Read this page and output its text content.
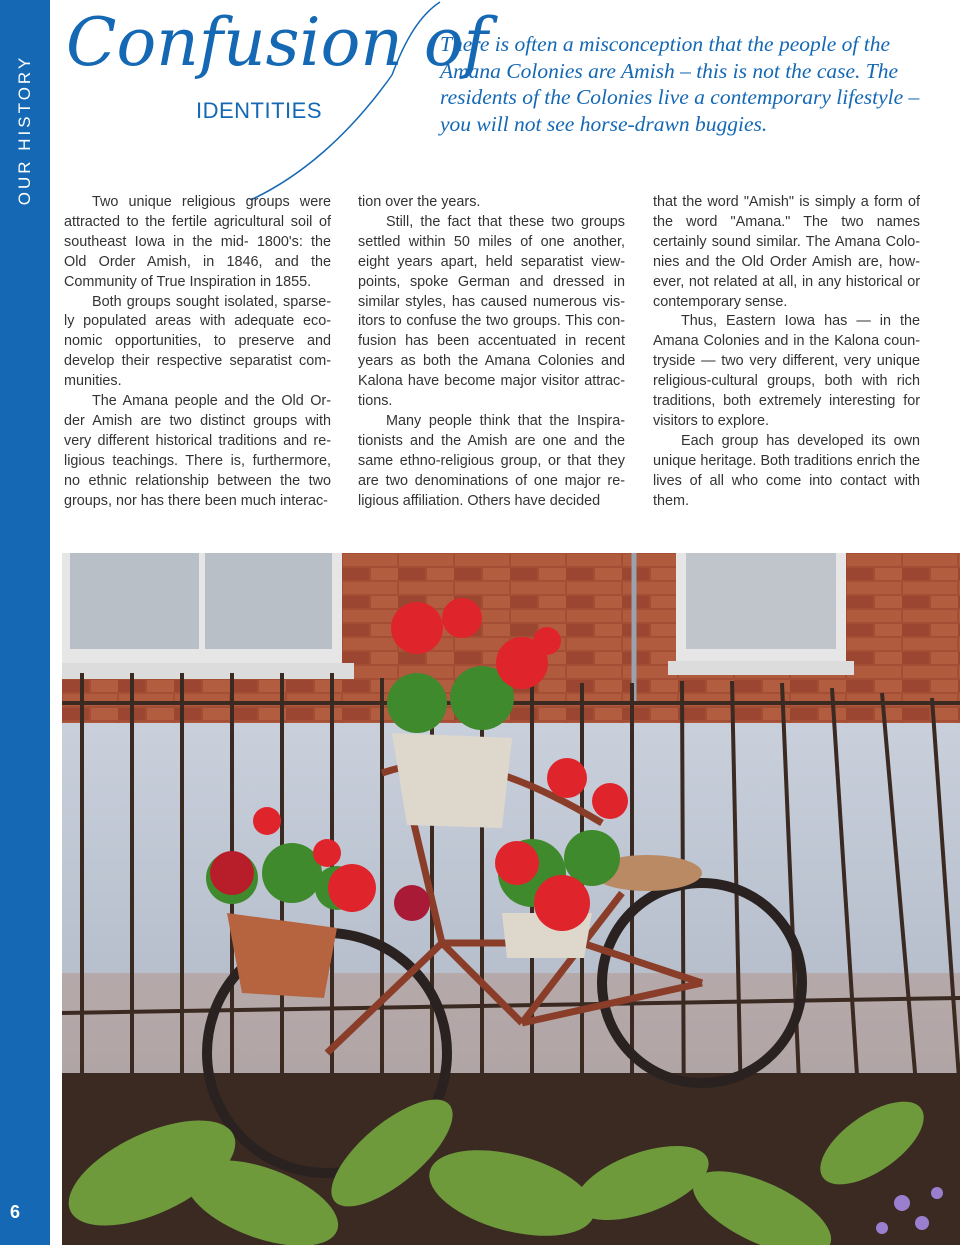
OUR HISTORY
6
Confusion of
IDENTITIES
There is often a misconception that the people of the Amana Colonies are Amish – this is not the case. The residents of the Colonies live a contemporary lifestyle – you will not see horse-drawn buggies.

Two unique religious groups were attracted to the fertile agricultural soil of southeast Iowa in the mid- 1800's: the Old Order Amish, in 1846, and the Community of True Inspiration in 1855.

Both groups sought isolated, sparse-ly populated areas with adequate eco-nomic opportunities, to preserve and develop their respective separatist com-munities.

The Amana people and the Old Or-der Amish are two distinct groups with very different historical traditions and re-ligious teachings. There is, furthermore, no ethnic relationship between the two groups, nor has there been much interac-

tion over the years.

Still, the fact that these two groups settled within 50 miles of one another, eight years apart, held separatist view-points, spoke German and dressed in similar styles, has caused numerous vis-itors to confuse the two groups. This con-fusion has been accentuated in recent years as both the Amana Colonies and Kalona have become major visitor attrac-tions.

Many people think that the Inspira-tionists and the Amish are one and the same ethno-religious group, or that they are two denominations of one major re-ligious affiliation. Others have decided

that the word "Amish" is simply a form of the word "Amana." The two names certainly sound similar. The Amana Colo-nies and the Old Order Amish are, how-ever, not related at all, in any historical or contemporary sense.

Thus, Eastern Iowa has — in the Amana Colonies and in the Kalona coun-tryside — two very different, very unique religious-cultural groups, both with rich traditions, both extremely interesting for visitors to explore.

Each group has developed its own unique heritage. Both traditions enrich the lives of all who come into contact with them.
